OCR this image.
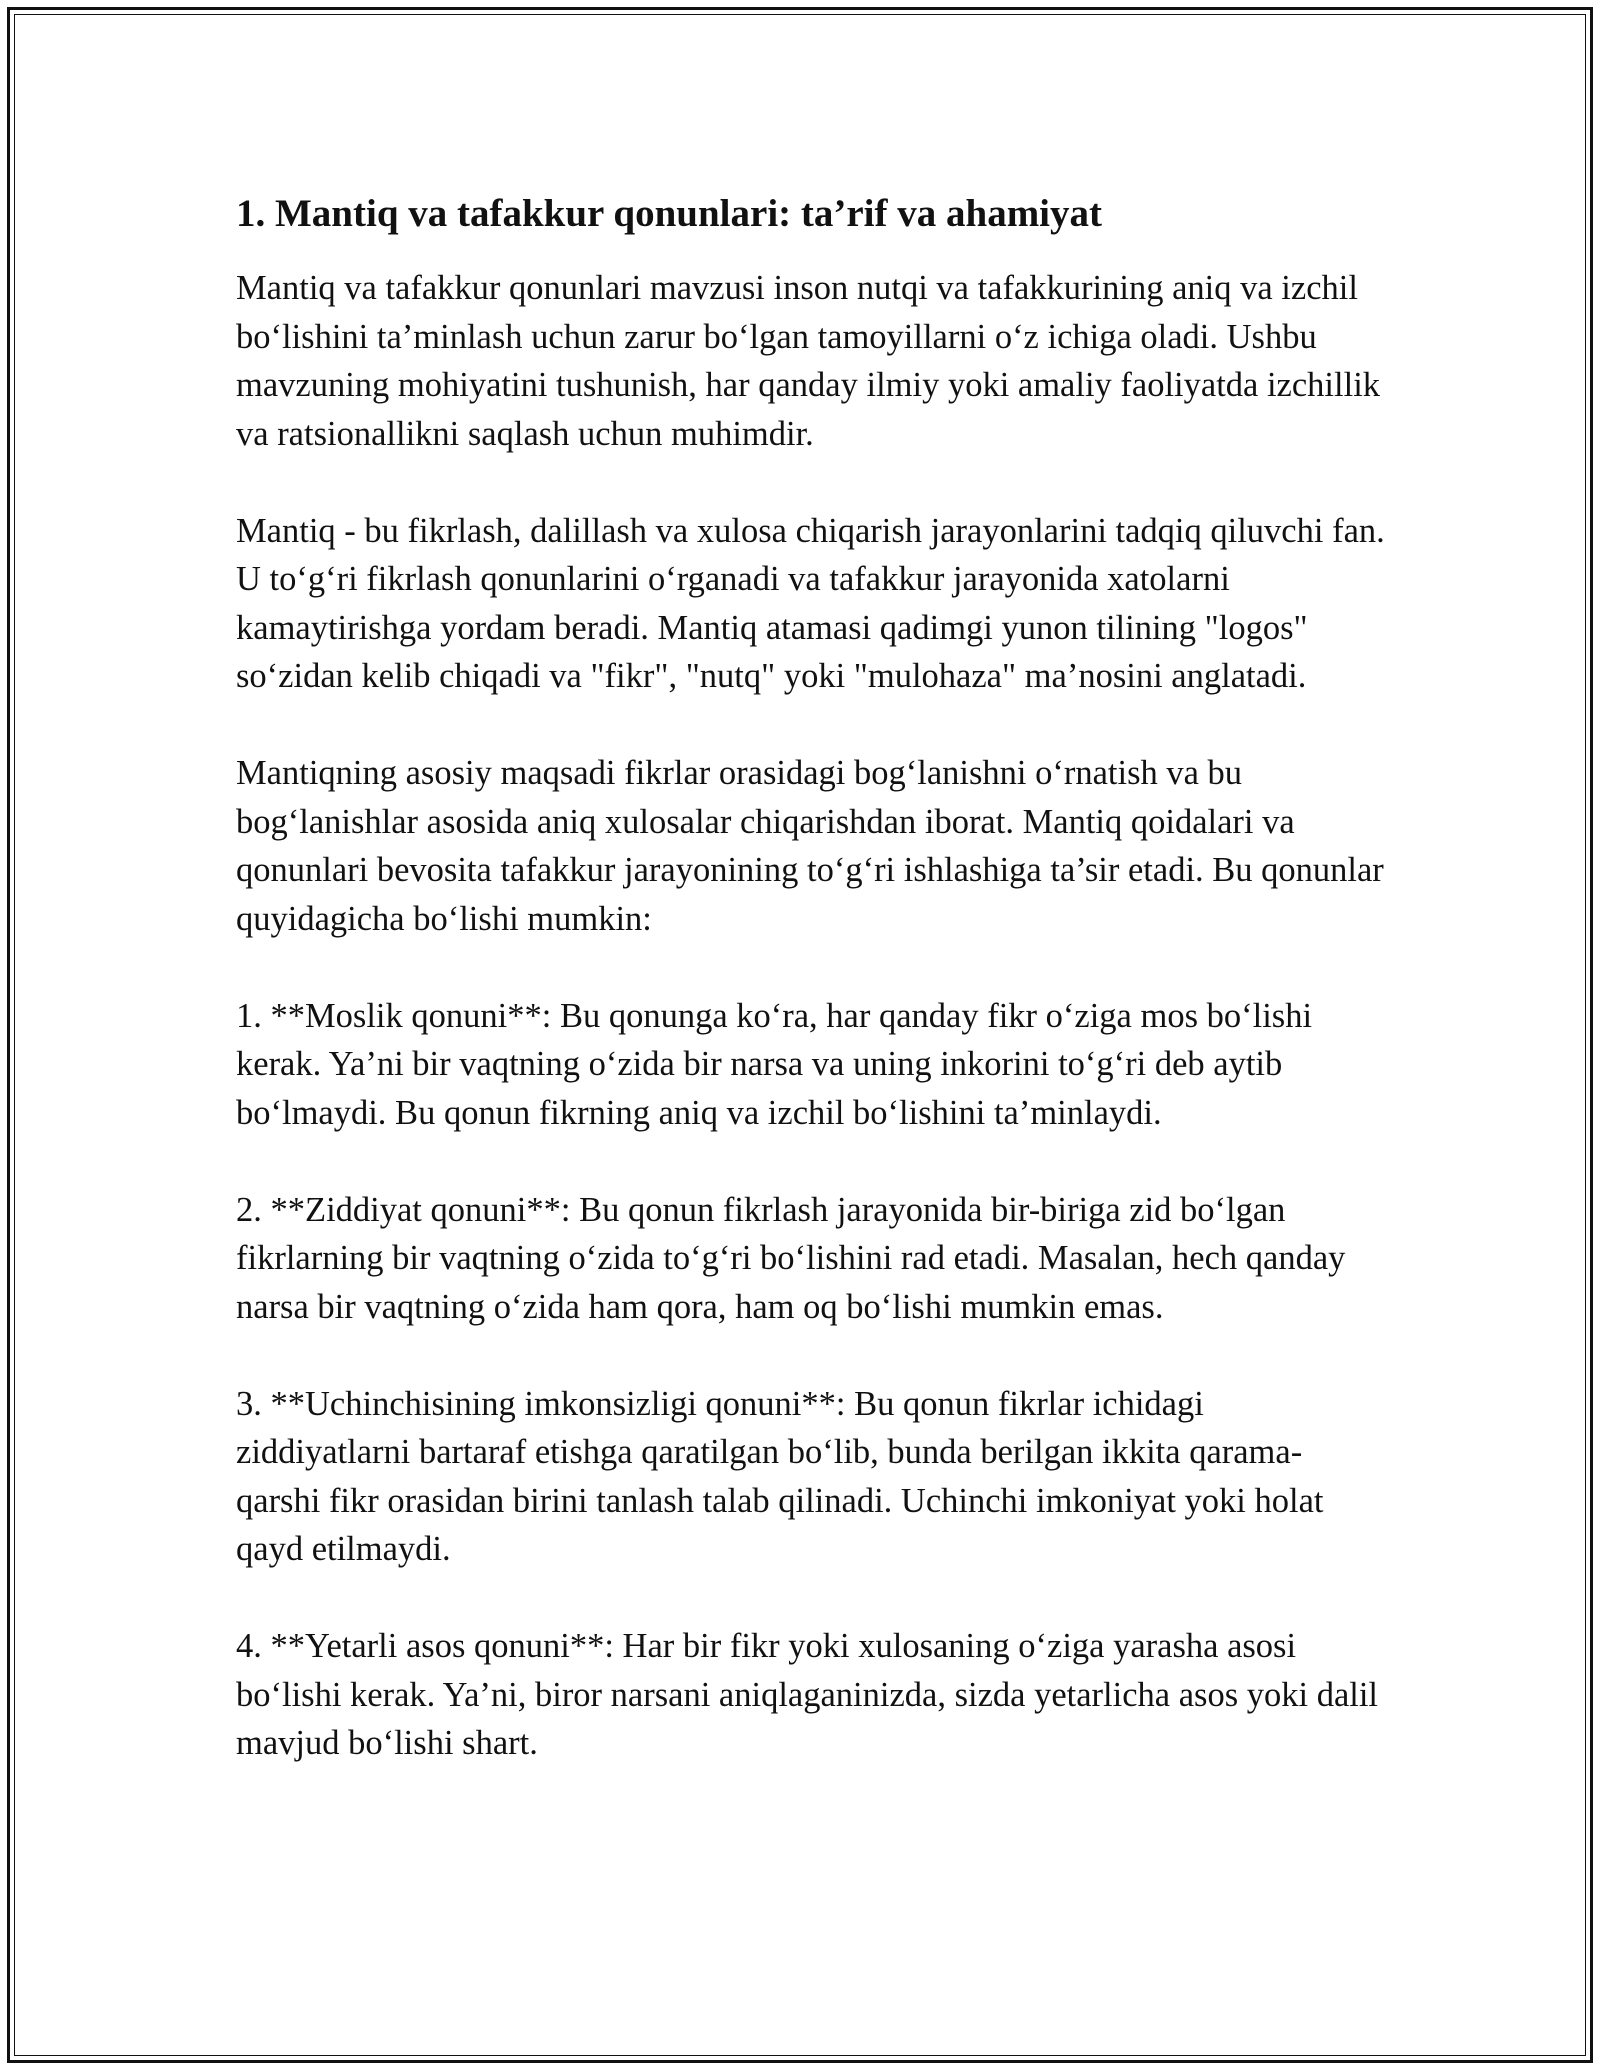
1. Mantiq va tafakkur qonunlari: ta’rif va ahamiyat

Mantiq va tafakkur qonunlari mavzusi inson nutqi va tafakkurining aniq va izchil bo‘lishini ta’minlash uchun zarur bo‘lgan tamoyillarni o‘z ichiga oladi. Ushbu mavzuning mohiyatini tushunish, har qanday ilmiy yoki amaliy faoliyatda izchillik va ratsionallikni saqlash uchun muhimdir.

Mantiq - bu fikrlash, dalillash va xulosa chiqarish jarayonlarini tadqiq qiluvchi fan. U to‘g‘ri fikrlash qonunlarini o‘rganadi va tafakkur jarayonida xatolarni kamaytirishga yordam beradi. Mantiq atamasi qadimgi yunon tilining "logos" so‘zidan kelib chiqadi va "fikr", "nutq" yoki "mulohaza" ma’nosini anglatadi.

Mantiqning asosiy maqsadi fikrlar orasidagi bog‘lanishni o‘rnatish va bu bog‘lanishlar asosida aniq xulosalar chiqarishdan iborat. Mantiq qoidalari va qonunlari bevosita tafakkur jarayonining to‘g‘ri ishlashiga ta’sir etadi. Bu qonunlar quyidagicha bo‘lishi mumkin:

1. **Moslik qonuni**: Bu qonunga ko‘ra, har qanday fikr o‘ziga mos bo‘lishi kerak. Ya’ni bir vaqtning o‘zida bir narsa va uning inkorini to‘g‘ri deb aytib bo‘lmaydi. Bu qonun fikrning aniq va izchil bo‘lishini ta’minlaydi.

2. **Ziddiyat qonuni**: Bu qonun fikrlash jarayonida bir-biriga zid bo‘lgan fikrlarning bir vaqtning o‘zida to‘g‘ri bo‘lishini rad etadi. Masalan, hech qanday narsa bir vaqtning o‘zida ham qora, ham oq bo‘lishi mumkin emas.

3. **Uchinchisining imkonsizligi qonuni**: Bu qonun fikrlar ichidagi ziddiyatlarni bartaraf etishga qaratilgan bo‘lib, bunda berilgan ikkita qarama-qarshi fikr orasidan birini tanlash talab qilinadi. Uchinchi imkoniyat yoki holat qayd etilmaydi.

4. **Yetarli asos qonuni**: Har bir fikr yoki xulosaning o‘ziga yarasha asosi bo‘lishi kerak. Ya’ni, biror narsani aniqlaganinizda, sizda yetarlicha asos yoki dalil mavjud bo‘lishi shart.
